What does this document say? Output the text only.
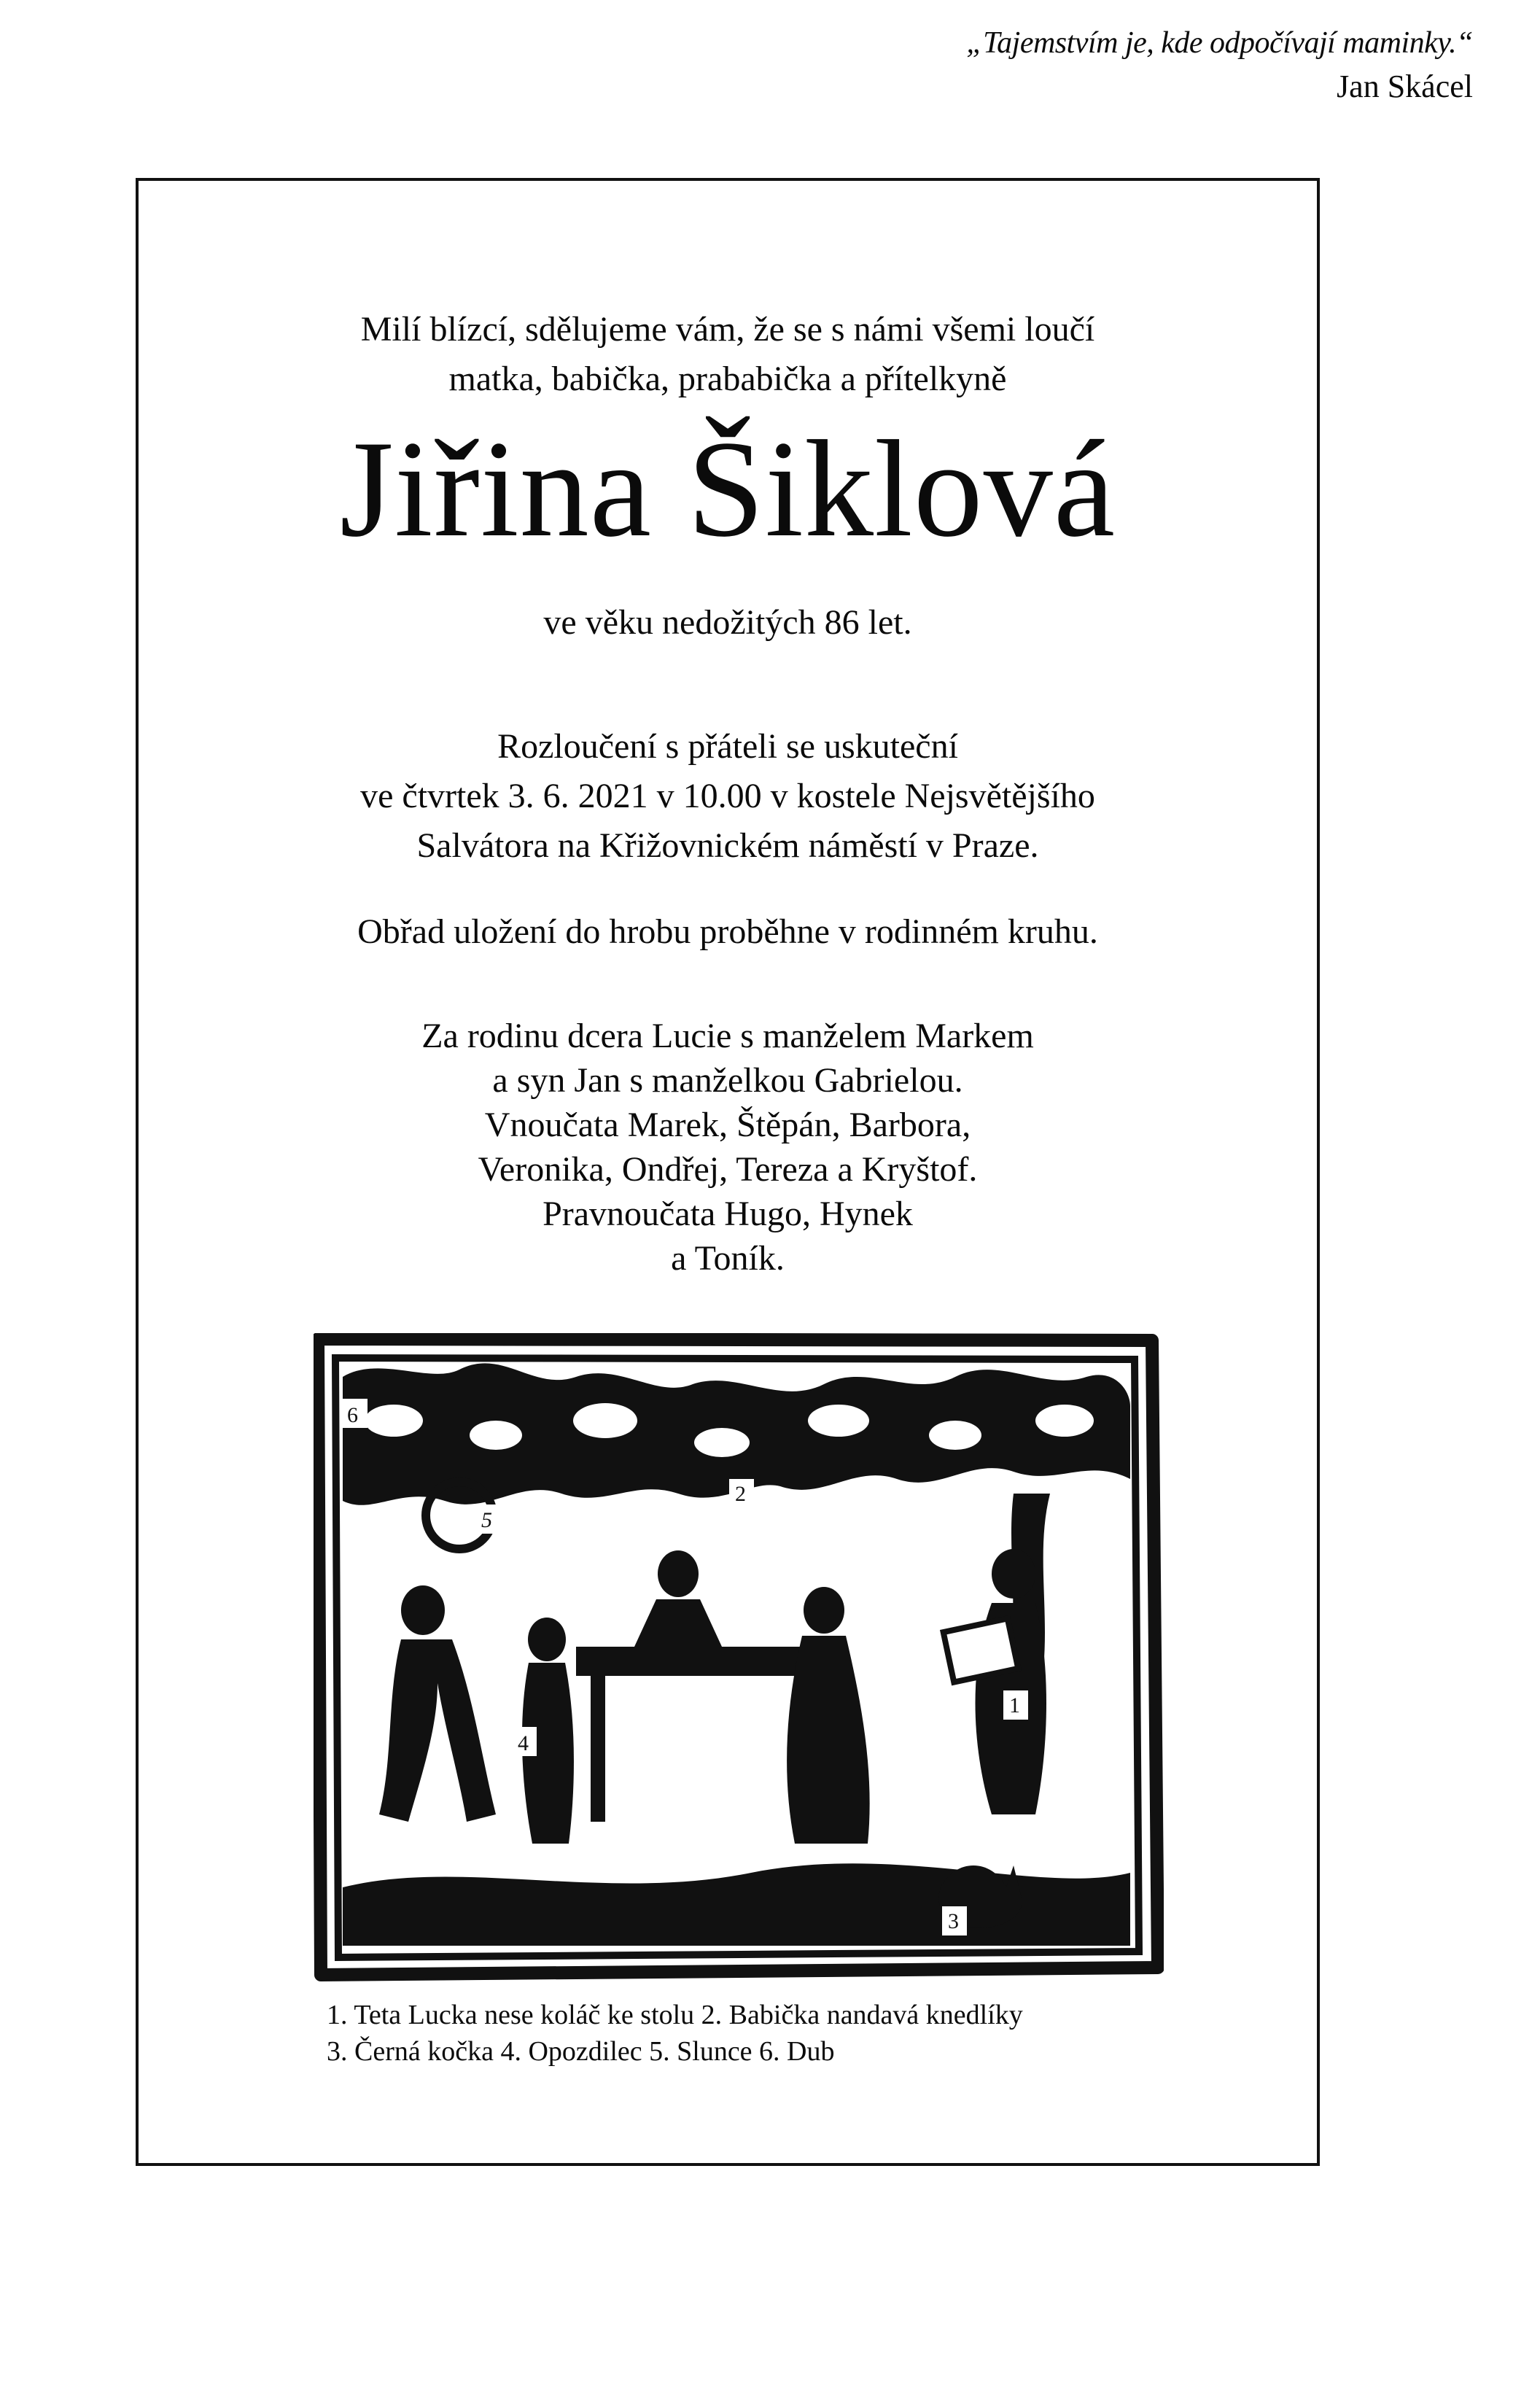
„Tajemstvím je, kde odpočívají maminky.“
Jan Skácel
Milí blízcí, sdělujeme vám, že se s námi všemi loučí
matka, babička, prababička a přítelkyně
Jiřina Šiklová
ve věku nedožitých 86 let.
Rozloučení s přáteli se uskuteční
ve čtvrtek 3. 6. 2021 v 10.00 v kostele Nejsvětějšího
Salvátora na Křižovnickém náměstí v Praze.
Obřad uložení do hrobu proběhne v rodinném kruhu.
Za rodinu dcera Lucie s manželem Markem
a syn Jan s manželkou Gabrielou.
Vnoučata Marek, Štěpán, Barbora,
Veronika, Ondřej, Tereza a Kryštof.
Pravnoučata Hugo, Hynek
a Toník.
6
5
2
4
1
3
1. Teta Lucka nese koláč ke stolu 2. Babička nandavá knedlíky
3. Černá kočka 4. Opozdilec 5. Slunce 6. Dub
